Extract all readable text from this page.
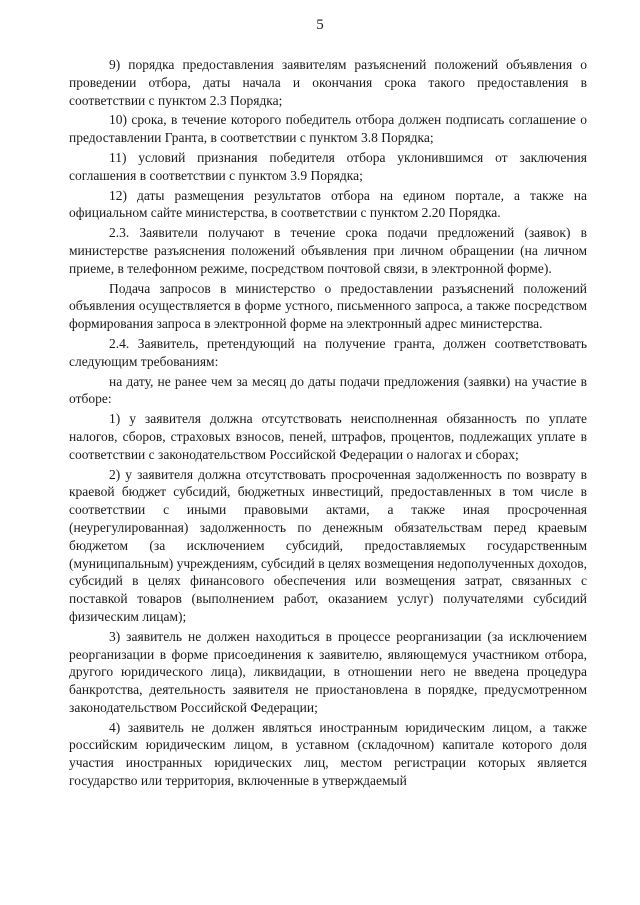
5

9) порядка предоставления заявителям разъяснений положений объявления о проведении отбора, даты начала и окончания срока такого предоставления в соответствии с пунктом 2.3 Порядка;

10) срока, в течение которого победитель отбора должен подписать соглашение о предоставлении Гранта, в соответствии с пунктом 3.8 Порядка;

11) условий признания победителя отбора уклонившимся от заключения соглашения в соответствии с пунктом 3.9 Порядка;

12) даты размещения результатов отбора на едином портале, а также на официальном сайте министерства, в соответствии с пунктом 2.20 Порядка.

2.3. Заявители получают в течение срока подачи предложений (заявок) в министерстве разъяснения положений объявления при личном обращении (на личном приеме, в телефонном режиме, посредством почтовой связи, в электронной форме).

Подача запросов в министерство о предоставлении разъяснений положений объявления осуществляется в форме устного, письменного запроса, а также посредством формирования запроса в электронной форме на электронный адрес министерства.

2.4. Заявитель, претендующий на получение гранта, должен соответствовать следующим требованиям:

на дату, не ранее чем за месяц до даты подачи предложения (заявки) на участие в отборе:

1) у заявителя должна отсутствовать неисполненная обязанность по уплате налогов, сборов, страховых взносов, пеней, штрафов, процентов, подлежащих уплате в соответствии с законодательством Российской Федерации о налогах и сборах;

2) у заявителя должна отсутствовать просроченная задолженность по возврату в краевой бюджет субсидий, бюджетных инвестиций, предоставленных в том числе в соответствии с иными правовыми актами, а также иная просроченная (неурегулированная) задолженность по денежным обязательствам перед краевым бюджетом (за исключением субсидий, предоставляемых государственным (муниципальным) учреждениям, субсидий в целях возмещения недополученных доходов, субсидий в целях финансового обеспечения или возмещения затрат, связанных с поставкой товаров (выполнением работ, оказанием услуг) получателями субсидий физическим лицам);

3) заявитель не должен находиться в процессе реорганизации (за исключением реорганизации в форме присоединения к заявителю, являющемуся участником отбора, другого юридического лица), ликвидации, в отношении него не введена процедура банкротства, деятельность заявителя не приостановлена в порядке, предусмотренном законодательством Российской Федерации;

4) заявитель не должен являться иностранным юридическим лицом, а также российским юридическим лицом, в уставном (складочном) капитале которого доля участия иностранных юридических лиц, местом регистрации которых является государство или территория, включенные в утверждаемый
